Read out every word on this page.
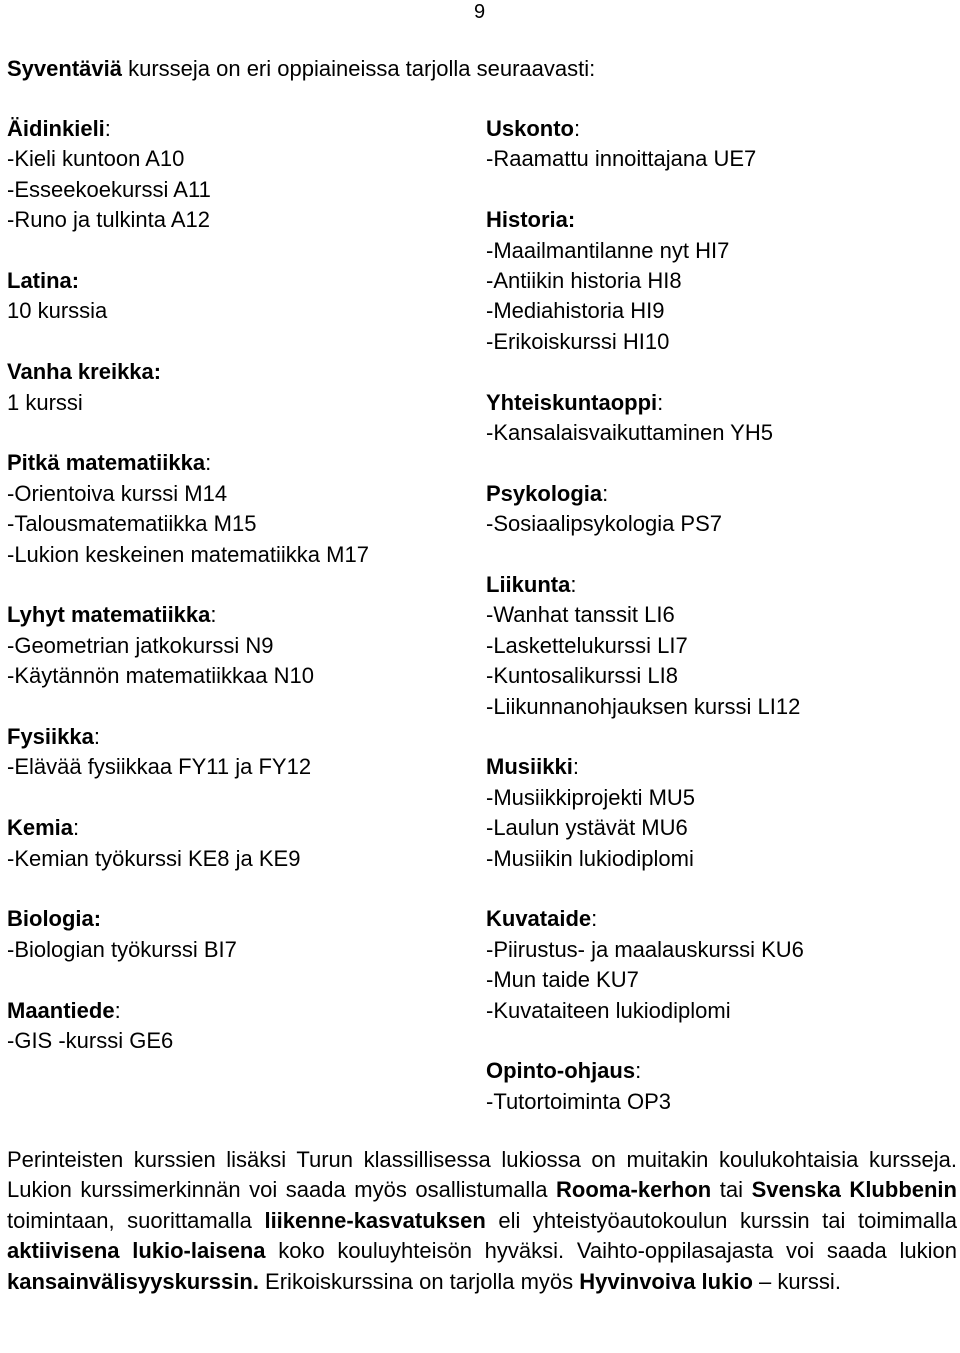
9
Syventäviä kursseja on eri oppiaineissa tarjolla seuraavasti:
Äidinkieli:
-Kieli kuntoon A10
-Esseekoekurssi A11
-Runo ja tulkinta A12
Latina:
10 kurssia
Vanha kreikka:
1 kurssi
Pitkä matematiikka:
-Orientoiva kurssi M14
-Talousmatematiikka M15
-Lukion keskeinen matematiikka M17
Lyhyt matematiikka:
-Geometrian jatkokurssi N9
-Käytännön matematiikkaa N10
Fysiikka:
-Elävää fysiikkaa FY11 ja FY12
Kemia:
-Kemian työkurssi KE8 ja KE9
Biologia:
-Biologian työkurssi BI7
Maantiede:
-GIS -kurssi GE6
Uskonto:
-Raamattu innoittajana UE7
Historia:
-Maailmantilanne nyt HI7
-Antiikin historia HI8
-Mediahistoria HI9
-Erikoiskurssi HI10
Yhteiskuntaoppi:
-Kansalaisvaikuttaminen YH5
Psykologia:
-Sosiaalipsykologia PS7
Liikunta:
-Wanhat tanssit LI6
-Laskettelukurssi LI7
-Kuntosalikurssi LI8
-Liikunnanohjauksen kurssi LI12
Musiikki:
-Musiikkiprojekti MU5
-Laulun ystävät MU6
-Musiikin lukiodiplomi
Kuvataide:
-Piirustus- ja maalauskurssi KU6
-Mun taide KU7
-Kuvataiteen lukiodiplomi
Opinto-ohjaus:
-Tutortoiminta OP3
Perinteisten kurssien lisäksi Turun klassillisessa lukiossa on muitakin koulukohtaisia kursseja. Lukion kurssimerkinnän voi saada myös osallistumalla Rooma-kerhon tai Svenska Klubbenin toimintaan, suorittamalla liikenne-kasvatuksen eli yhteistyöautokoulun kurssin tai toimimalla aktiivisena lukio-laisena koko kouluyhteisön hyväksi. Vaihto-oppilasajasta voi saada lukion kansainvälisyyskurssin. Erikoiskurssina on tarjolla myös Hyvinvoiva lukio – kurssi.
